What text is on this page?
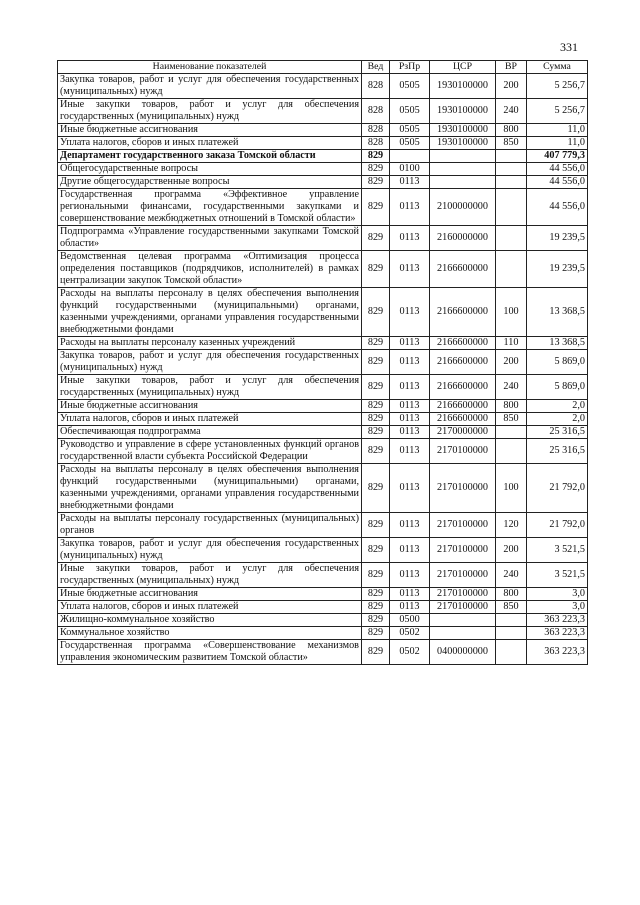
331
Наименование показателей	Вед	РзПр	ЦСР	ВР	Сумма
Закупка товаров, работ и услуг для обеспечения государственных (муниципальных) нужд	828	0505	1930100000	200	5 256,7
Иные закупки товаров, работ и услуг для обеспечения государственных (муниципальных) нужд	828	0505	1930100000	240	5 256,7
Иные бюджетные ассигнования	828	0505	1930100000	800	11,0
Уплата налогов, сборов и иных платежей	828	0505	1930100000	850	11,0
Департамент государственного заказа Томской области	829				407 779,3
Общегосударственные вопросы	829	0100			44 556,0
Другие общегосударственные вопросы	829	0113			44 556,0
Государственная программа «Эффективное управление региональными финансами, государственными закупками и совершенствование межбюджетных отношений в Томской области»	829	0113	2100000000		44 556,0
Подпрограмма «Управление государственными закупками Томской области»	829	0113	2160000000		19 239,5
Ведомственная целевая программа «Оптимизация процесса определения поставщиков (подрядчиков, исполнителей) в рамках централизации закупок Томской области»	829	0113	2166600000		19 239,5
Расходы на выплаты персоналу в целях обеспечения выполнения функций государственными (муниципальными) органами, казенными учреждениями, органами управления государственными внебюджетными фондами	829	0113	2166600000	100	13 368,5
Расходы на выплаты персоналу казенных учреждений	829	0113	2166600000	110	13 368,5
Закупка товаров, работ и услуг для обеспечения государственных (муниципальных) нужд	829	0113	2166600000	200	5 869,0
Иные закупки товаров, работ и услуг для обеспечения государственных (муниципальных) нужд	829	0113	2166600000	240	5 869,0
Иные бюджетные ассигнования	829	0113	2166600000	800	2,0
Уплата налогов, сборов и иных платежей	829	0113	2166600000	850	2,0
Обеспечивающая подпрограмма	829	0113	2170000000		25 316,5
Руководство и управление в сфере установленных функций органов государственной власти субъекта Российской Федерации	829	0113	2170100000		25 316,5
Расходы на выплаты персоналу в целях обеспечения выполнения функций государственными (муниципальными) органами, казенными учреждениями, органами управления государственными внебюджетными фондами	829	0113	2170100000	100	21 792,0
Расходы на выплаты персоналу государственных (муниципальных) органов	829	0113	2170100000	120	21 792,0
Закупка товаров, работ и услуг для обеспечения государственных (муниципальных) нужд	829	0113	2170100000	200	3 521,5
Иные закупки товаров, работ и услуг для обеспечения государственных (муниципальных) нужд	829	0113	2170100000	240	3 521,5
Иные бюджетные ассигнования	829	0113	2170100000	800	3,0
Уплата налогов, сборов и иных платежей	829	0113	2170100000	850	3,0
Жилищно-коммунальное хозяйство	829	0500			363 223,3
Коммунальное хозяйство	829	0502			363 223,3
Государственная программа «Совершенствование механизмов управления экономическим развитием Томской области»	829	0502	0400000000		363 223,3
